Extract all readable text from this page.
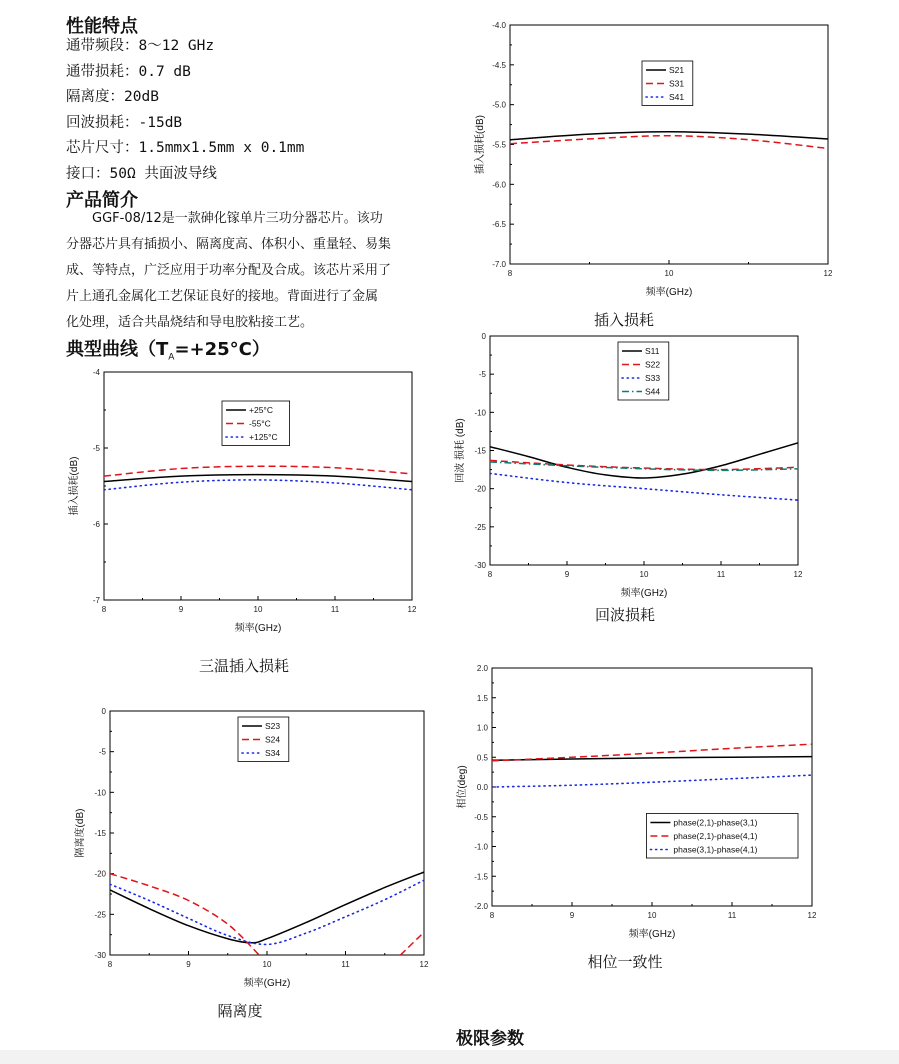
性能特点
通带频段：8～12 GHz
通带损耗：0.7 dB
隔离度：20dB
回波损耗：-15dB
芯片尺寸：1.5mmx1.5mm x 0.1mm
接口：50Ω 共面波导线
产品简介
GGF-08/12是一款砷化镓单片三功分器芯片。该功
分器芯片具有插损小、隔离度高、体积小、重量轻、易集
成、等特点，广泛应用于功率分配及合成。该芯片采用了
片上通孔金属化工艺保证良好的接地。背面进行了金属
化处理，适合共晶烧结和导电胶粘接工艺。
典型曲线$(T_A=+25^\circ C)$
-4.0
-4.5
-5.0
-5.5
-6.0
-6.5
-7.0
8	10	12
频率(GHz)
插入损耗(dB)
S21
S31
S41
插入损耗
0
-5
-10
-15
-20
-25
-30
8	9	10	11	12
频率(GHz)
回波 损耗 (dB)
S11
S22
S33
S44
回波损耗
-4
-5
-6
-7
8	9	10	11	12
频率(GHz)
插入损耗(dB)
+25°C
-55°C
+125°C
三温插入损耗
0
-5
-10
-15
-20
-25
-30
8	9	10	11	12
频率(GHz)
隔离度(dB)
S23
S24
S34
隔离度
2.0
1.5
1.0
0.5
0.0
-0.5
-1.0
-1.5
-2.0
8	9	10	11	12
频率(GHz)
相位(deg)
phase(2,1)-phase(3,1)
phase(2,1)-phase(4,1)
phase(3,1)-phase(4,1)
相位一致性
极限参数
